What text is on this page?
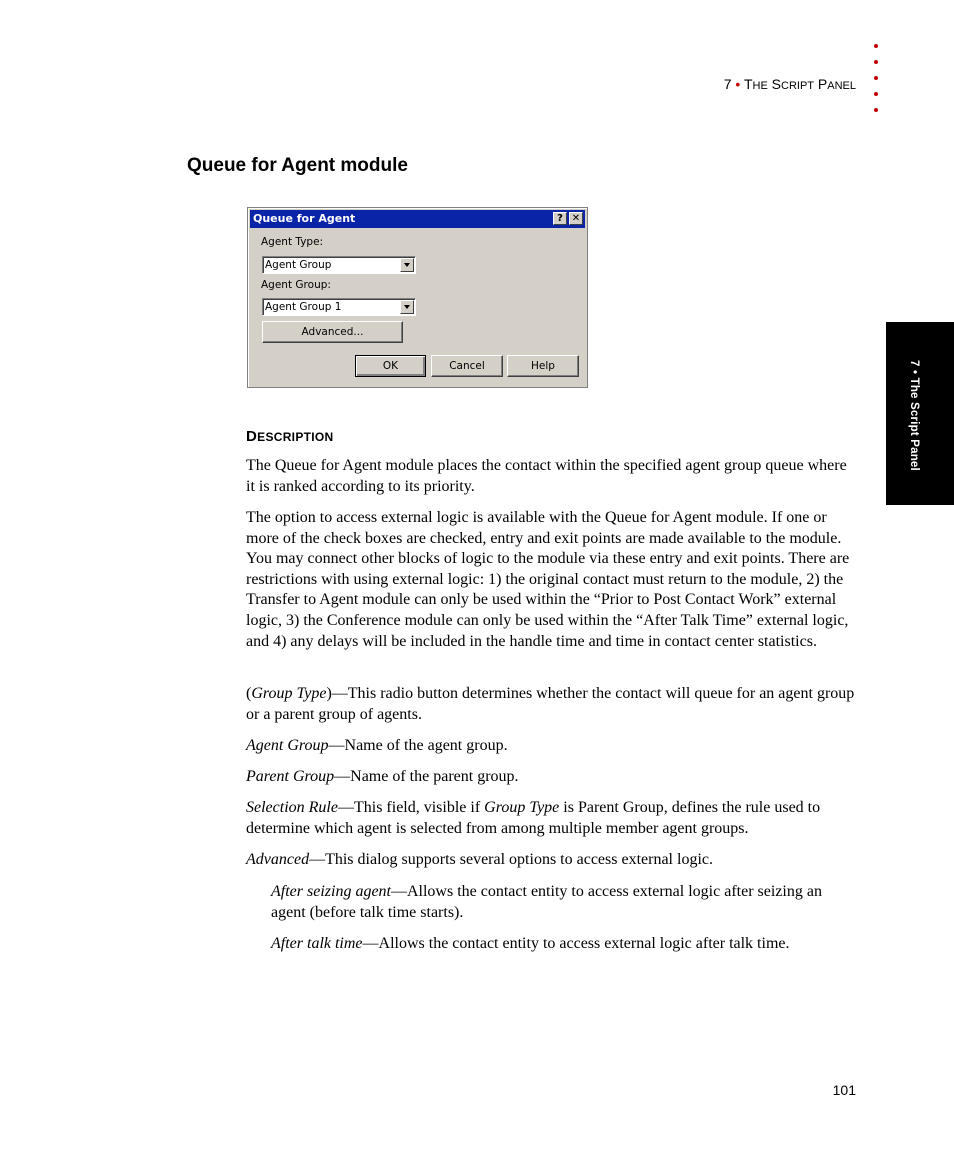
7 • THE SCRIPT PANEL
7 • The Script Panel
Queue for Agent module
Queue for Agent	? ✕
Agent Type:
Agent Group
Agent Group:
Agent Group 1
Advanced...
OK	Cancel	Help
DESCRIPTION
The Queue for Agent module places the contact within the specified agent group queue where it is ranked according to its priority.
The option to access external logic is available with the Queue for Agent module. If one or more of the check boxes are checked, entry and exit points are made available to the module. You may connect other blocks of logic to the module via these entry and exit points. There are restrictions with using external logic: 1) the original contact must return to the module, 2) the Transfer to Agent module can only be used within the “Prior to Post Contact Work” external logic, 3) the Conference module can only be used within the “After Talk Time” external logic, and 4) any delays will be included in the handle time and time in contact center statistics.
(Group Type)—This radio button determines whether the contact will queue for an agent group or a parent group of agents.
Agent Group—Name of the agent group.
Parent Group—Name of the parent group.
Selection Rule—This field, visible if Group Type is Parent Group, defines the rule used to determine which agent is selected from among multiple member agent groups.
Advanced—This dialog supports several options to access external logic.
After seizing agent—Allows the contact entity to access external logic after seizing an agent (before talk time starts).
After talk time—Allows the contact entity to access external logic after talk time.
101
